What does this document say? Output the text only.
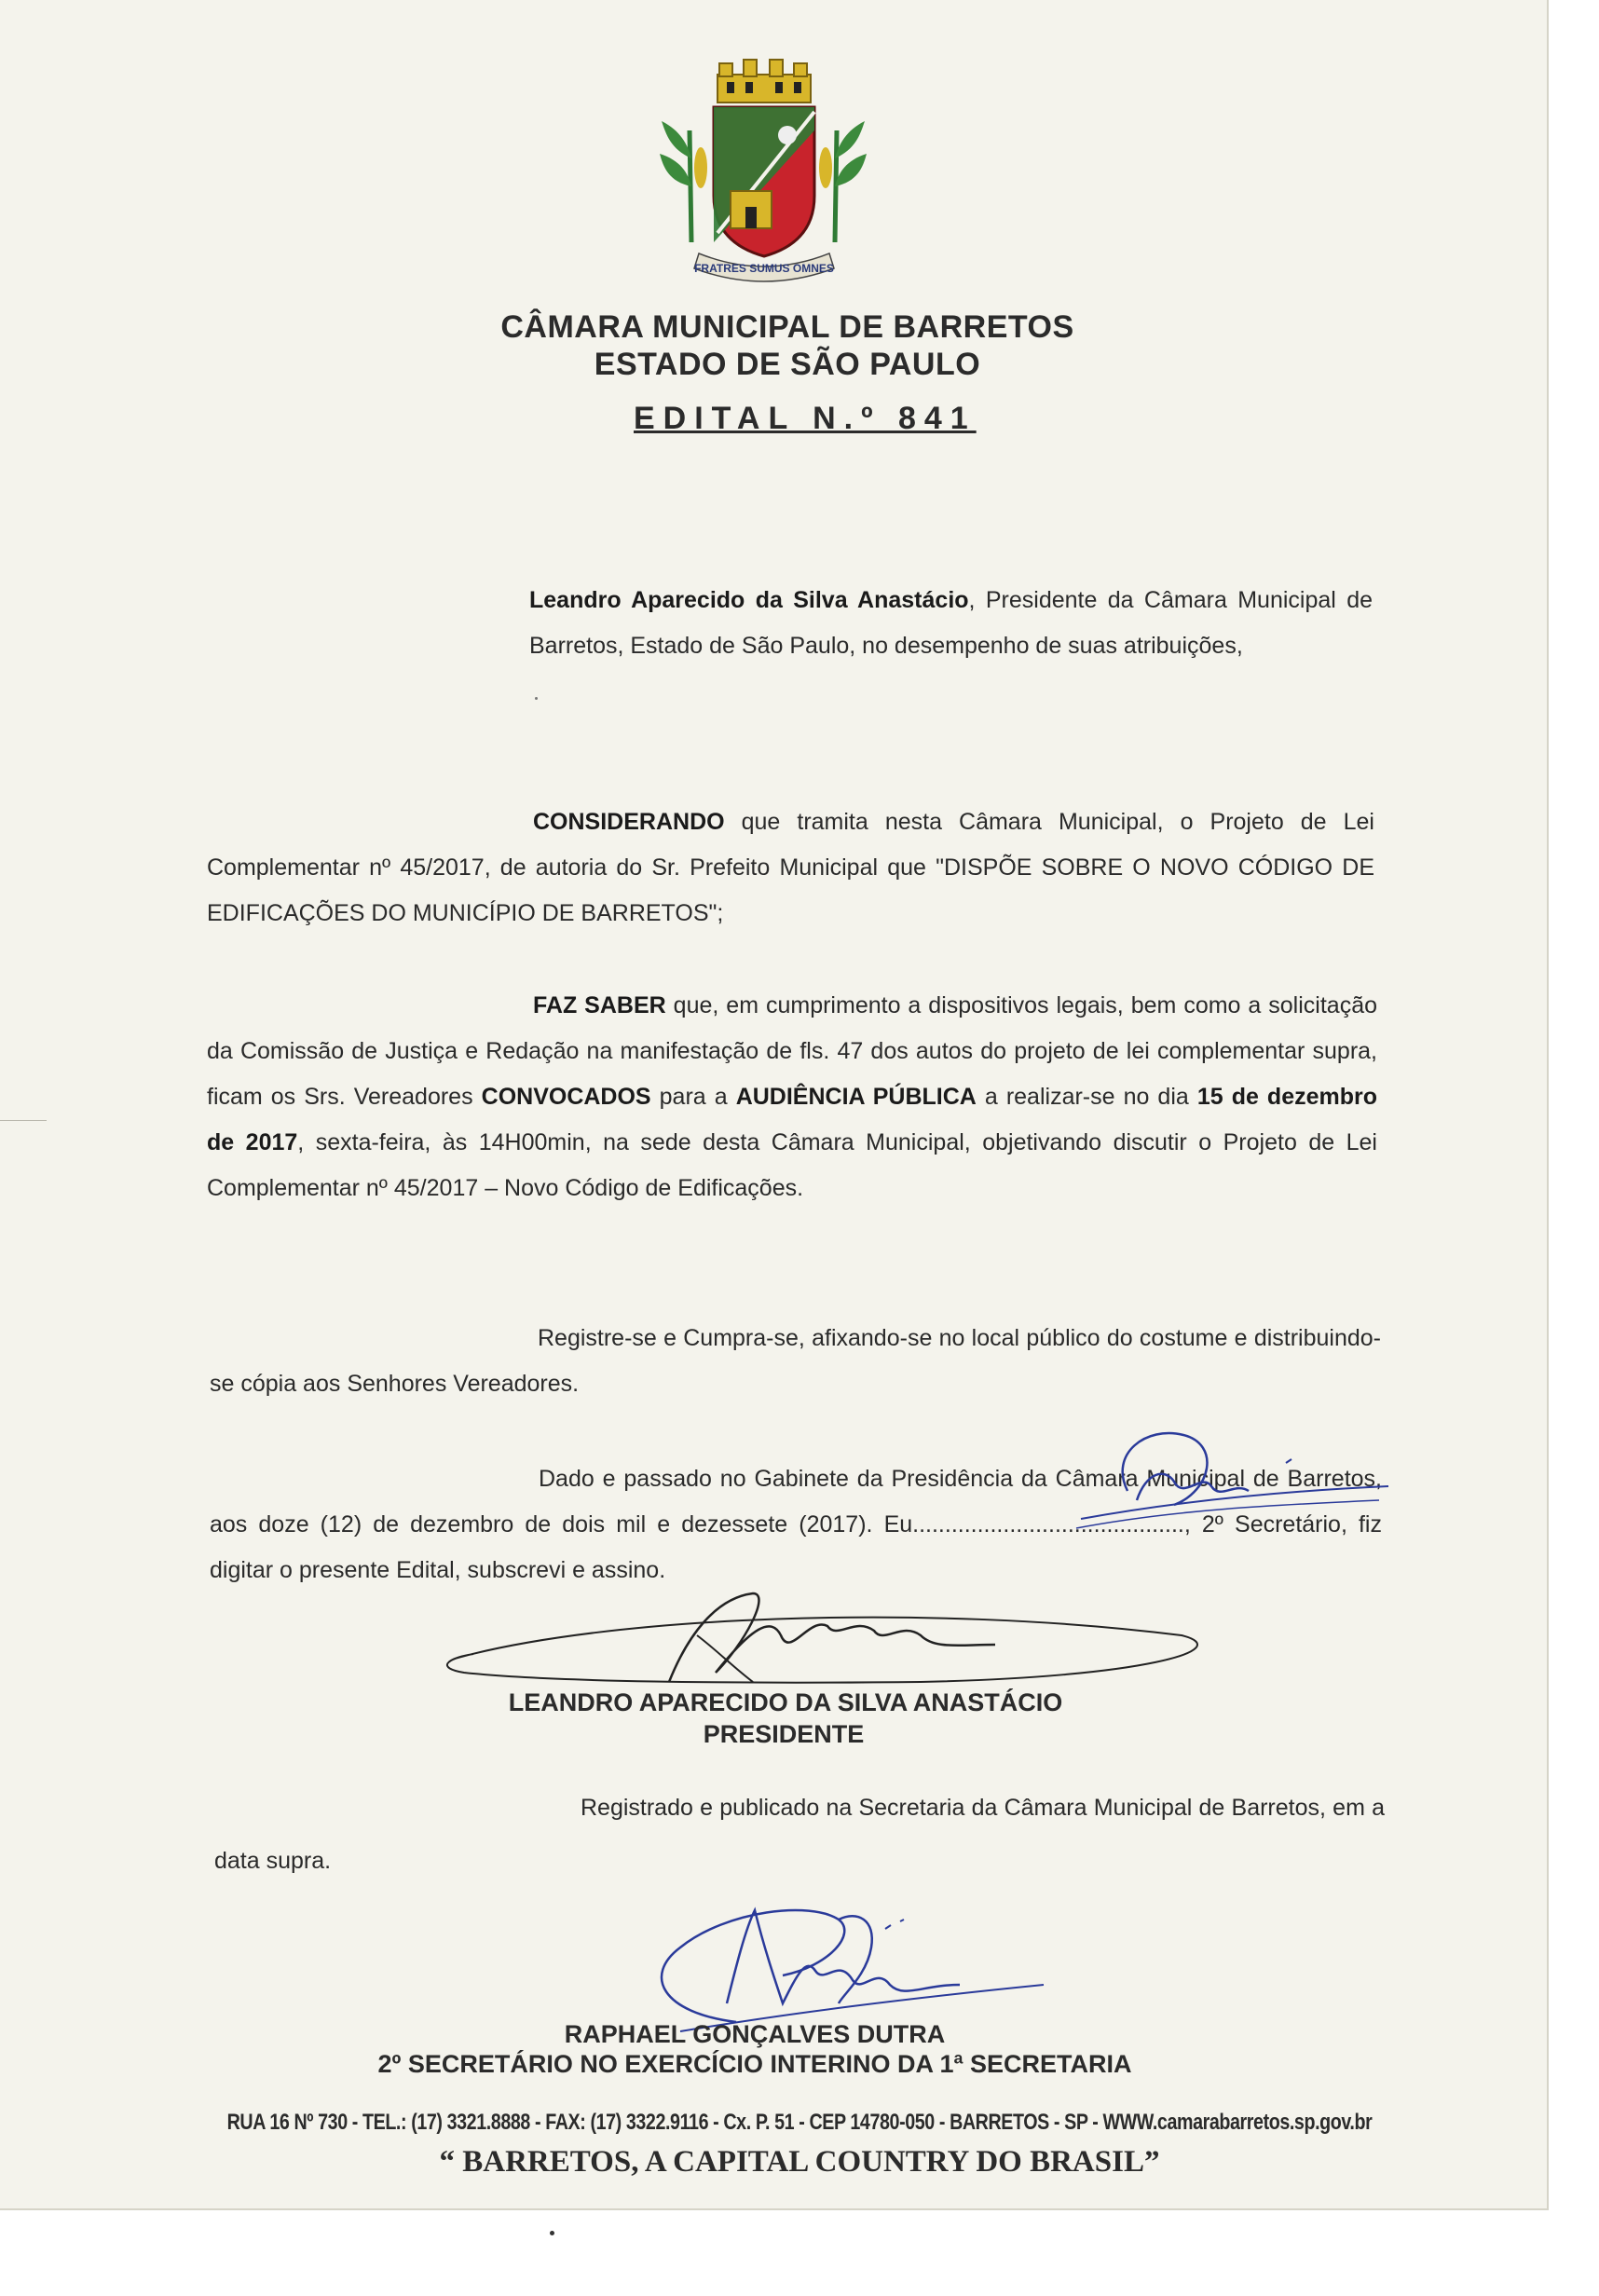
FRATRES SUMUS OMNES
CÂMARA MUNICIPAL DE BARRETOS
ESTADO DE SÃO PAULO
EDITAL N.º 841
Leandro Aparecido da Silva Anastácio, Presidente da Câmara Municipal de Barretos, Estado de São Paulo, no desempenho de suas atribuições,
CONSIDERANDO que tramita nesta Câmara Municipal, o Projeto de Lei Complementar nº 45/2017, de autoria do Sr. Prefeito Municipal que "DISPÕE SOBRE O NOVO CÓDIGO DE EDIFICAÇÕES DO MUNICÍPIO DE BARRETOS";
FAZ SABER que, em cumprimento a dispositivos legais, bem como a solicitação da Comissão de Justiça e Redação na manifestação de fls. 47 dos autos do projeto de lei complementar supra, ficam os Srs. Vereadores CONVOCADOS para a AUDIÊNCIA PÚBLICA a realizar-se no dia 15 de dezembro de 2017, sexta-feira, às 14H00min, na sede desta Câmara Municipal, objetivando discutir o Projeto de Lei Complementar nº 45/2017 – Novo Código de Edificações.
Registre-se e Cumpra-se, afixando-se no local público do costume e distribuindo-se cópia aos Senhores Vereadores.
Dado e passado no Gabinete da Presidência da Câmara Municipal de Barretos, aos doze (12) de dezembro de dois mil e dezessete (2017). Eu.........................................., 2º Secretário, fiz digitar o presente Edital, subscrevi e assino.
LEANDRO APARECIDO DA SILVA ANASTÁCIO
PRESIDENTE
Registrado e publicado na Secretaria da Câmara Municipal de Barretos, em a data supra.
RAPHAEL GONÇALVES DUTRA
2º SECRETÁRIO NO EXERCÍCIO INTERINO DA 1ª SECRETARIA
RUA 16 Nº 730 - TEL.: (17) 3321.8888 - FAX: (17) 3322.9116 - Cx. P. 51 - CEP 14780-050 - BARRETOS - SP - WWW.camarabarretos.sp.gov.br
“ BARRETOS, A CAPITAL COUNTRY DO BRASIL”
